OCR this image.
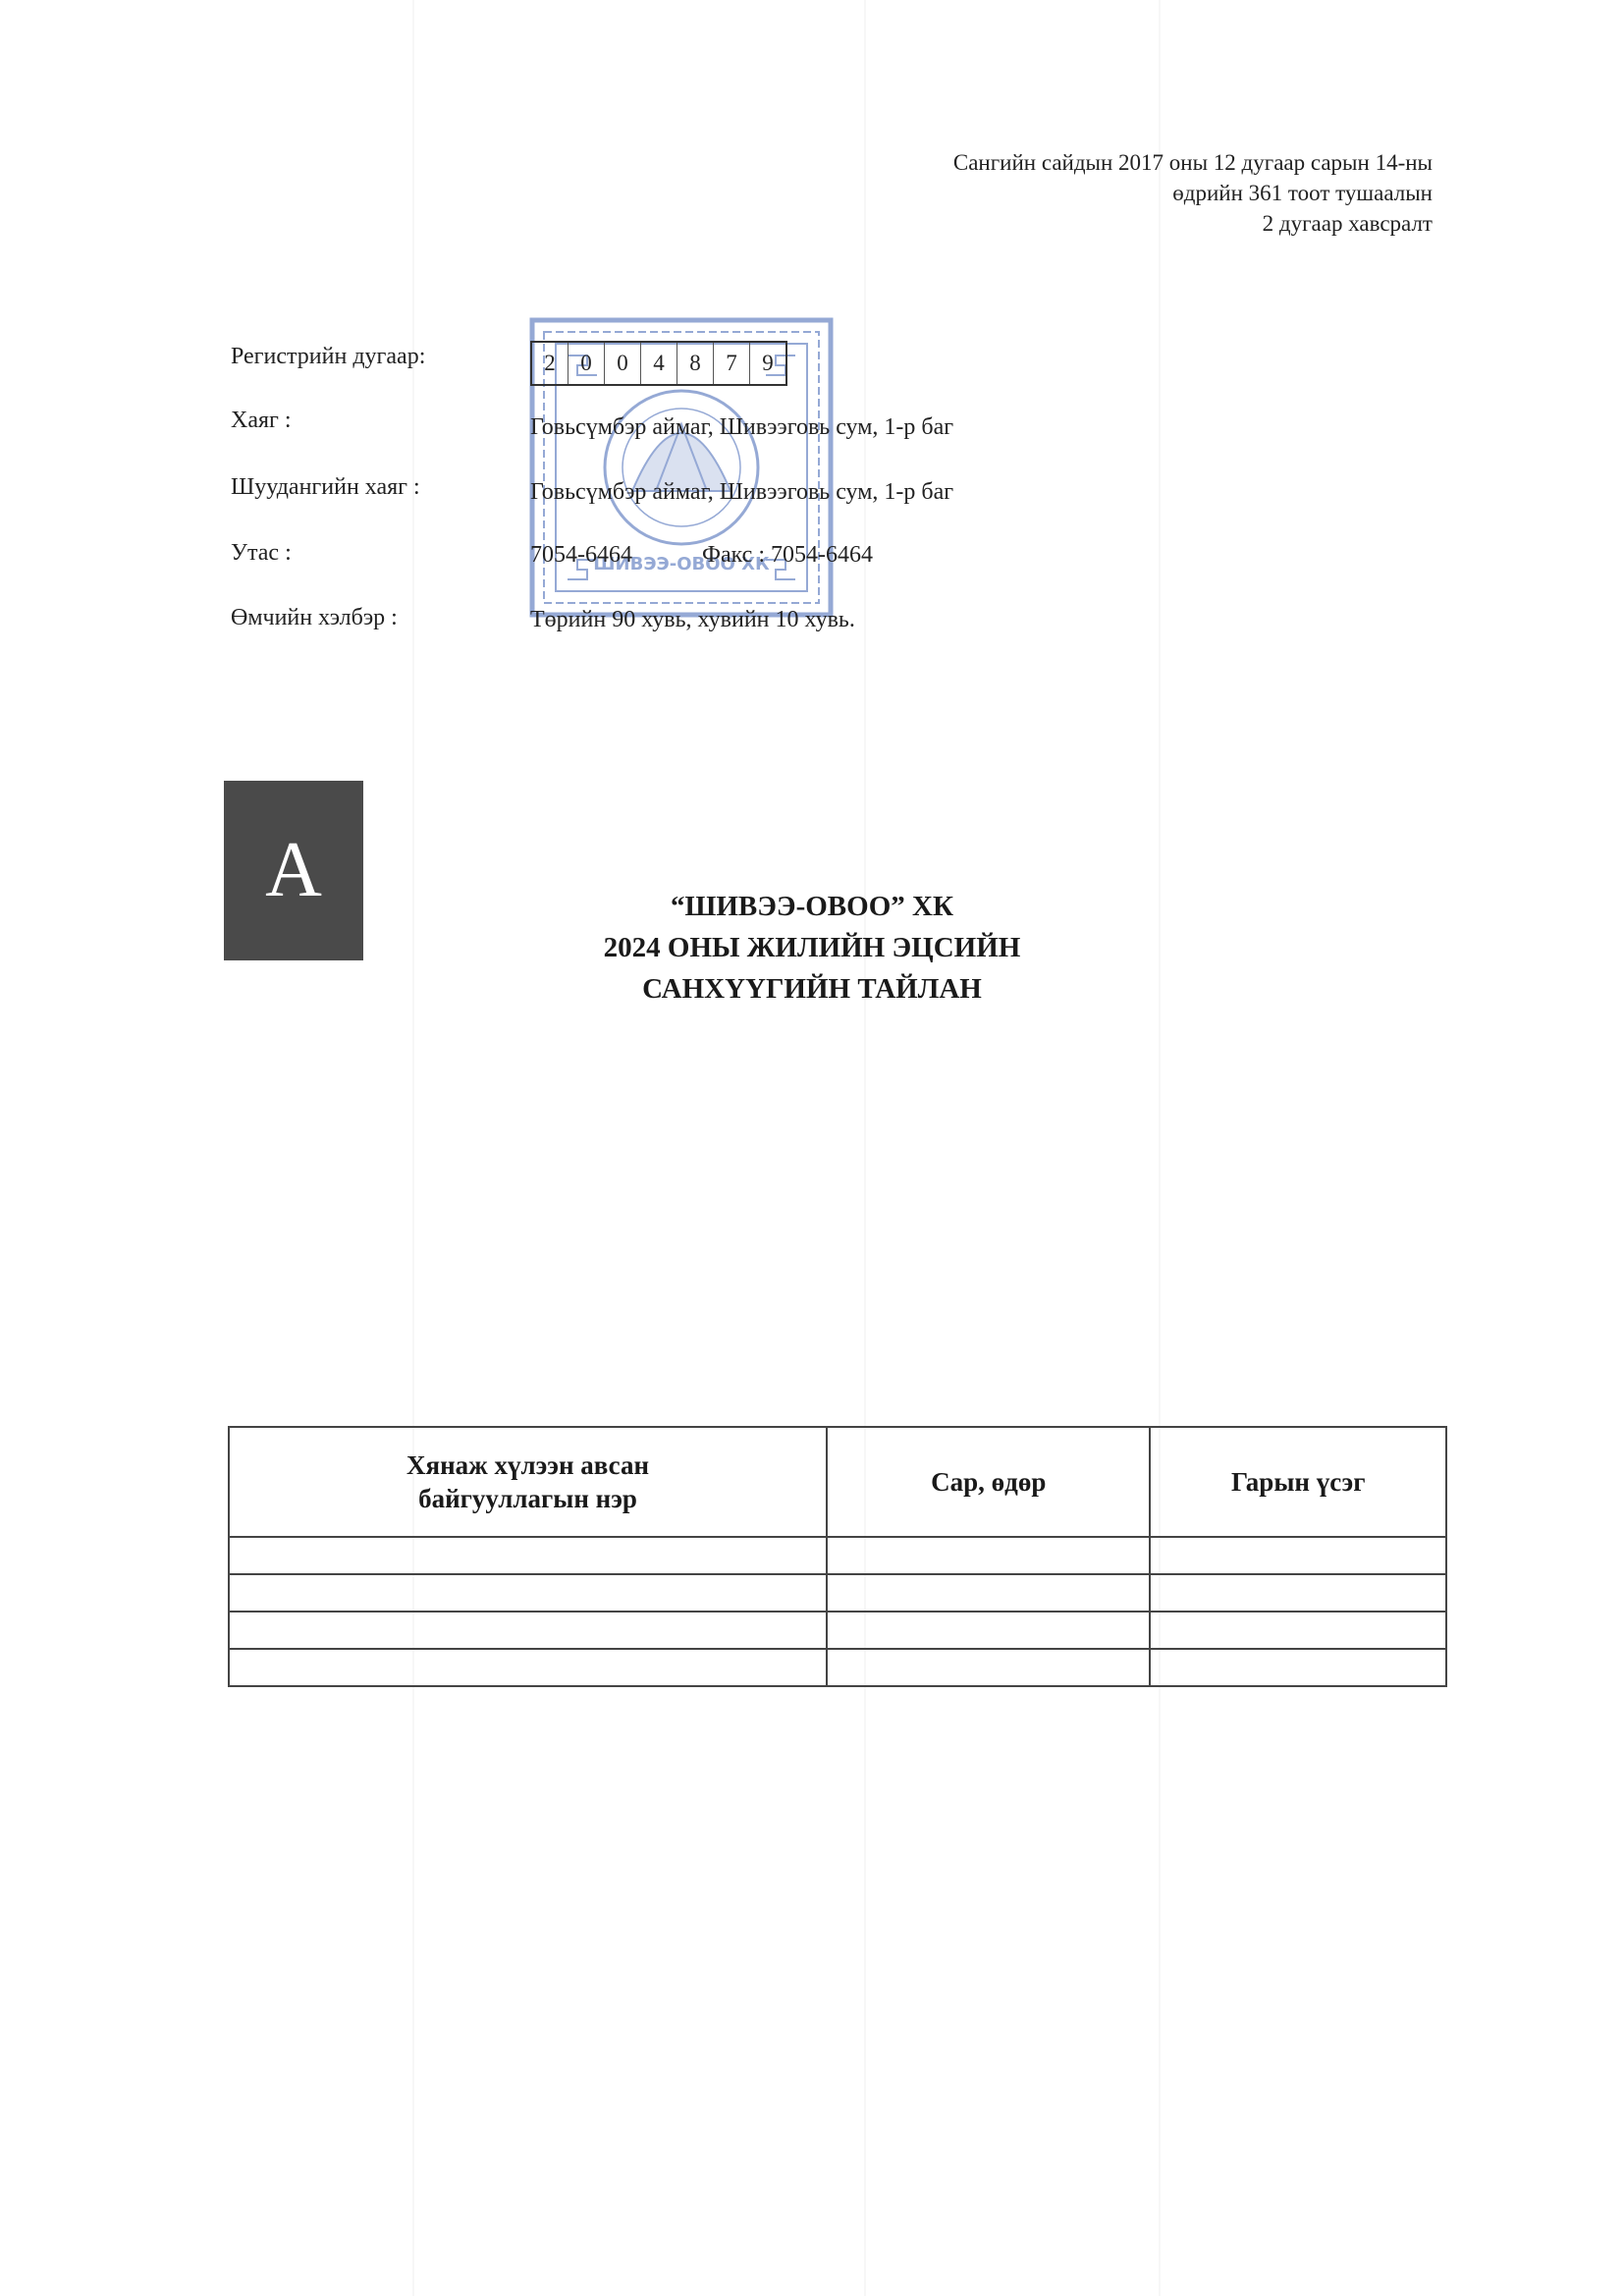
Сангийн сайдын 2017 оны 12 дугаар сарын 14-ны
өдрийн 361 тоот тушаалын
2 дугаар хавсралт
ШИВЭЭ-ОВОО ХК
Регистрийн дугаар:	2	0	0	4	8	7	9
Хаяг :	Говьсүмбэр аймаг, Шивээговь сум, 1-р баг
Шуудангийн хаяг :	Говьсүмбэр аймаг, Шивээговь сум, 1-р баг
Утас :	7054-6464	Факс : 7054-6464
Өмчийн хэлбэр :	Төрийн 90 хувь, хувийн 10 хувь.
А	“ШИВЭЭ-ОВОО” ХК
2024 ОНЫ ЖИЛИЙН ЭЦСИЙН
САНХҮҮГИЙН ТАЙЛАН
Хянаж хүлээн авсан
байгууллагын нэр	Сар, өдөр	Гарын үсэг
